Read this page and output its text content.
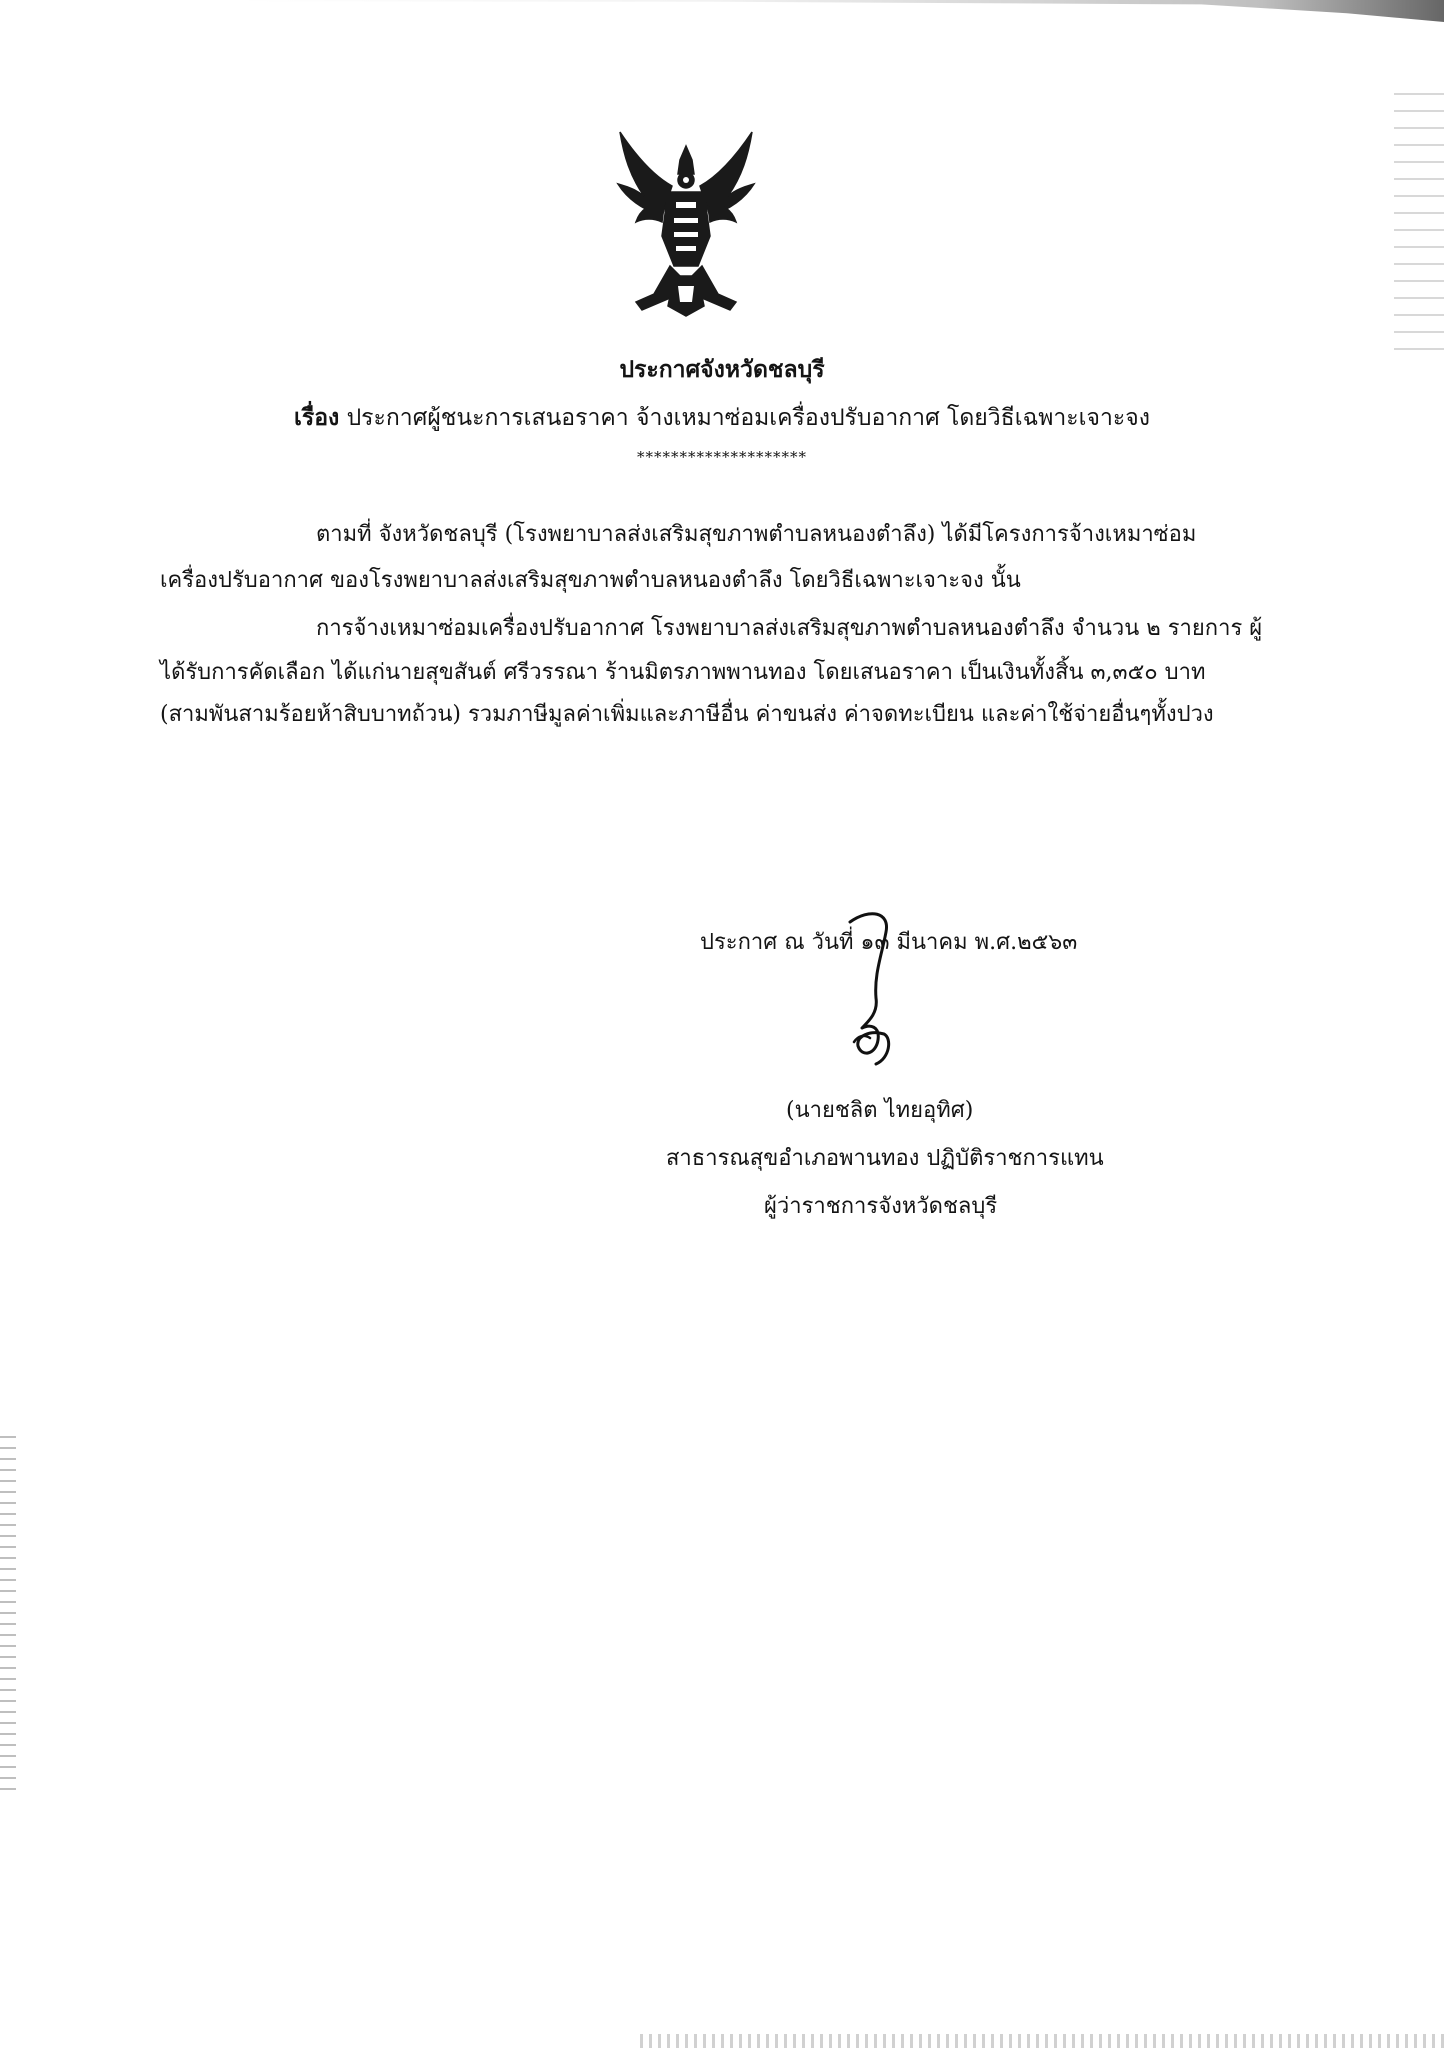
ประกาศจังหวัดชลบุรี
เรื่อง ประกาศผู้ชนะการเสนอราคา จ้างเหมาซ่อมเครื่องปรับอากาศ โดยวิธีเฉพาะเจาะจง
********************
ตามที่ จังหวัดชลบุรี (โรงพยาบาลส่งเสริมสุขภาพตำบลหนองตำลึง) ได้มีโครงการจ้างเหมาซ่อม
เครื่องปรับอากาศ ของโรงพยาบาลส่งเสริมสุขภาพตำบลหนองตำลึง โดยวิธีเฉพาะเจาะจง นั้น
การจ้างเหมาซ่อมเครื่องปรับอากาศ โรงพยาบาลส่งเสริมสุขภาพตำบลหนองตำลึง จำนวน ๒ รายการ ผู้
ได้รับการคัดเลือก ได้แก่นายสุขสันต์ ศรีวรรณา ร้านมิตรภาพพานทอง โดยเสนอราคา เป็นเงินทั้งสิ้น ๓,๓๕๐ บาท
(สามพันสามร้อยห้าสิบบาทถ้วน) รวมภาษีมูลค่าเพิ่มและภาษีอื่น ค่าขนส่ง ค่าจดทะเบียน และค่าใช้จ่ายอื่นๆทั้งปวง
ประกาศ ณ วันที่ ๑๓ มีนาคม พ.ศ.๒๕๖๓
(นายชลิต ไทยอุทิศ)
สาธารณสุขอำเภอพานทอง ปฏิบัติราชการแทน
ผู้ว่าราชการจังหวัดชลบุรี
